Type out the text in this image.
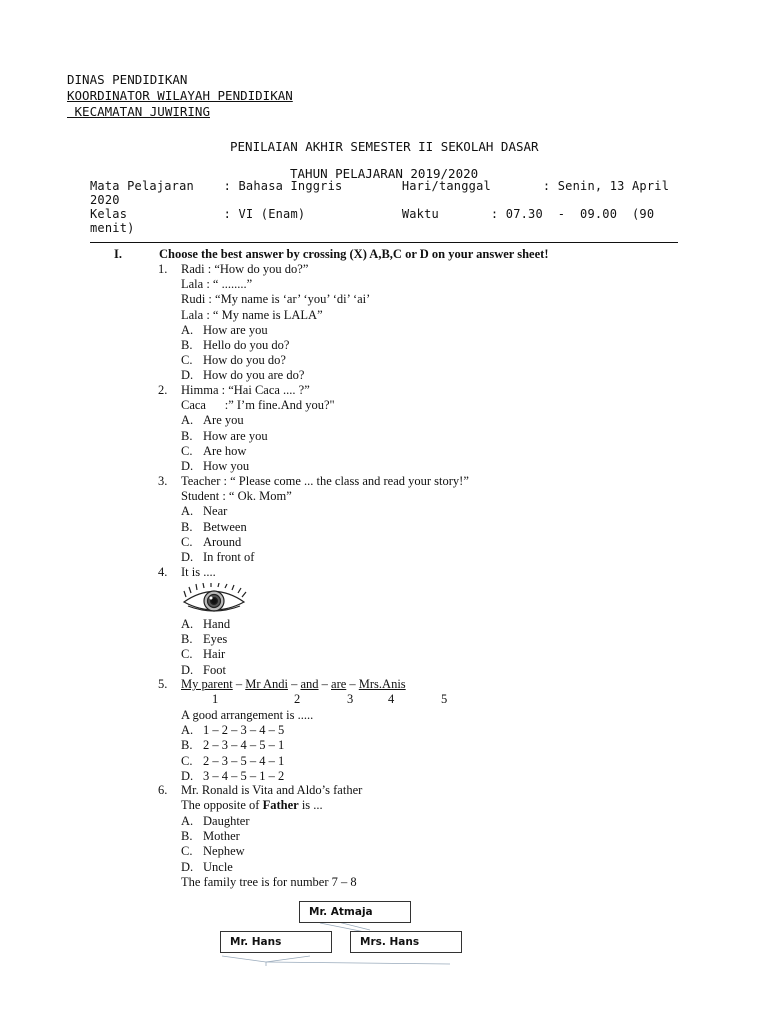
DINAS PENDIDIKAN
KOORDINATOR WILAYAH PENDIDIKAN
KECAMATAN JUWIRING
PENILAIAN AKHIR SEMESTER II SEKOLAH DASAR
TAHUN PELAJARAN 2019/2020
Mata Pelajaran    : Bahasa Inggris        Hari/tanggal       : Senin, 13 April
2020
Kelas             : VI (Enam)             Waktu       : 07.30  -  09.00  (90
menit)
I.	Choose the best answer by crossing (X) A,B,C or D on your answer sheet!
1. Radi : “How do you do?”
Lala : “ ........”
Rudi : “My name is ‘ar’ ‘you’ ‘di’ ‘ai’
Lala : “ My name is LALA”
A. How are you
B. Hello do you do?
C. How do you do?
D. How do you are do?
2. Himma : “Hai Caca .... ?”
Caca      :” I’m fine.And you?"
A. Are you
B. How are you
C. Are how
D. How you
3. Teacher : “ Please come ... the class and read your story!”
Student : “ Ok. Mom”
A. Near
B. Between
C. Around
D. In front of
4. It is ....
A. Hand
B. Eyes
C. Hair
D. Foot
A good arrangement is .....
A. 1 – 2 – 3 – 4 – 5
B. 2 – 3 – 4 – 5 – 1
C. 2 – 3 – 5 – 4 – 1
D. 3 – 4 – 5 – 1 – 2
6. Mr. Ronald is Vita and Aldo’s father
A. Daughter
B. Mother
C. Nephew
D. Uncle
The family tree is for number 7 – 8
5. My parent – Mr Andi – and – are – Mrs.Anis
1	2	3	4	5
The opposite of Father is ...
Mr. Atmaja
Mr. Hans	Mrs. Hans
